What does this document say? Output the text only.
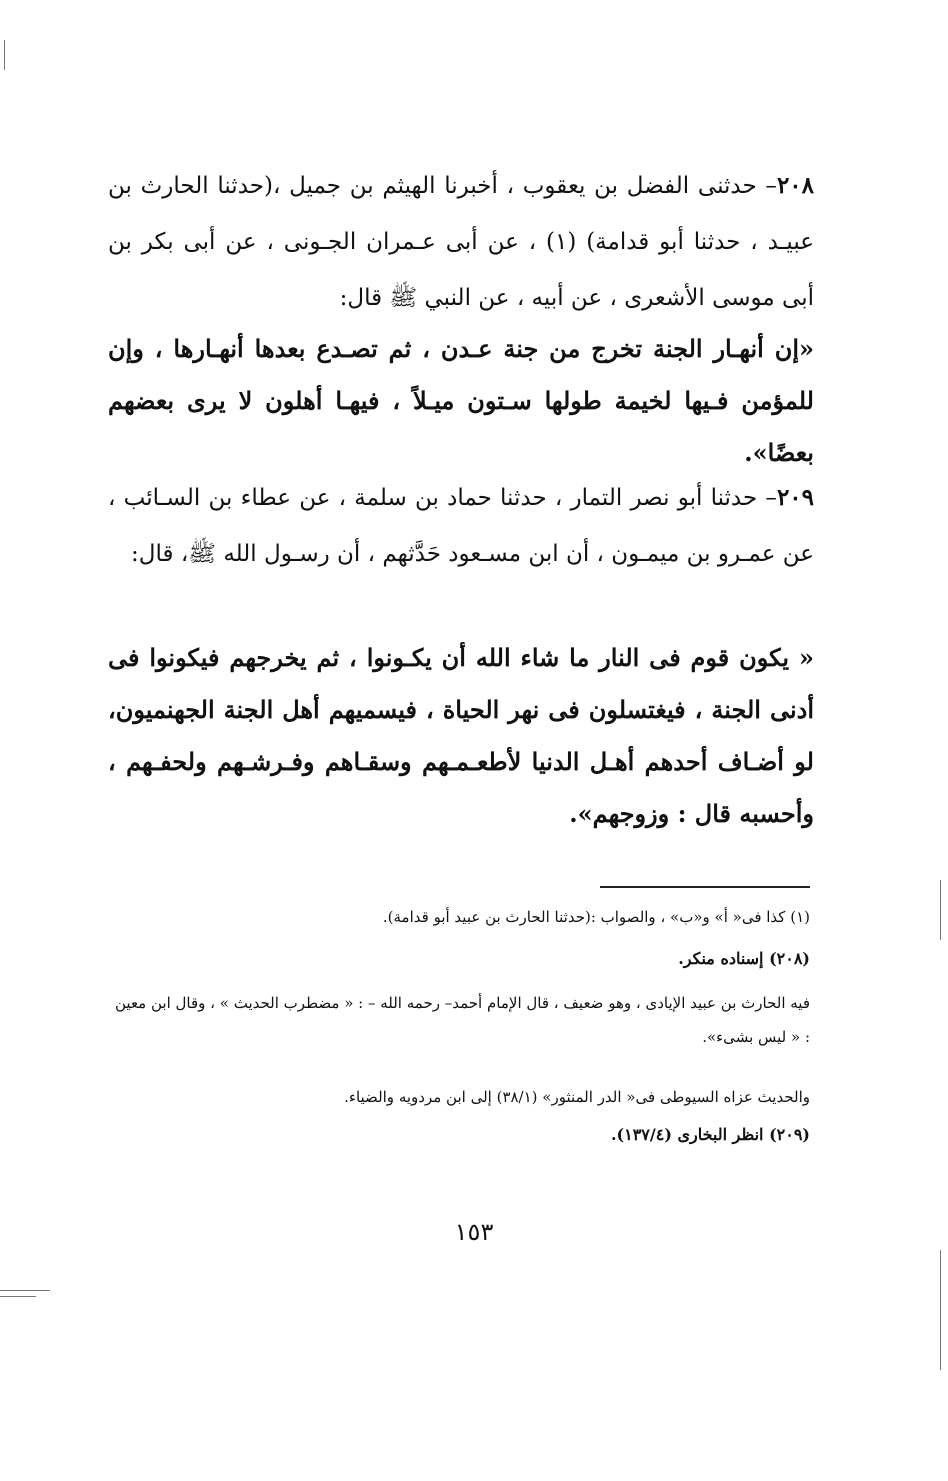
٢٠٨– حدثنى الفضل بن يعقوب ، أخبرنا الهيثم بن جميل ،(حدثنا الحارث بن عبيـد ، حدثنا أبو قدامة) (١) ، عن أبى عـمران الجـونى ، عن أبى بكر بن أبى موسى الأشعرى ، عن أبيه ، عن النبي ﷺ قال:

«إن أنهـار الجنة تخرج من جنة عـدن ، ثم تصـدع بعدها أنهـارها ، وإن للمؤمن فـيها لخيمة طولها سـتون ميـلاً ، فيهـا أهلون لا يرى بعضهم بعضًا».

٢٠٩– حدثنا أبو نصر التمار ، حدثنا حماد بن سلمة ، عن عطاء بن السـائب ، عن عمـرو بن ميمـون ، أن ابن مسـعود حَدَّثهم ، أن رسـول الله ﷺ، قال:

« يكون قوم فى النار ما شاء الله أن يكـونوا ، ثم يخرجهم فيكونوا فى أدنى الجنة ، فيغتسلون فى نهر الحياة ، فيسميهم أهل الجنة الجهنميون، لو أضـاف أحدهم أهـل الدنيا لأطعـمـهم وسقـاهم وفـرشـهم ولحفـهم ، وأحسبه قال : وزوجهم».

(١) كذا فى« أ» و«ب» ، والصواب :(حدثنا الحارث بن عبيد أبو قدامة).

(٢٠٨) إسناده منكر.

فيه الحارث بن عبيد الإيادى ، وهو ضعيف ، قال الإمام أحمد– رحمه الله – : « مضطرب الحديث » ، وقال ابن معين : « ليس بشىء».

والحديث عزاه السيوطى فى« الدر المنثور» (٣٨/١) إلى ابن مردويه والضياء.

(٢٠٩) انظر البخارى (١٣٧/٤).

١٥٣
